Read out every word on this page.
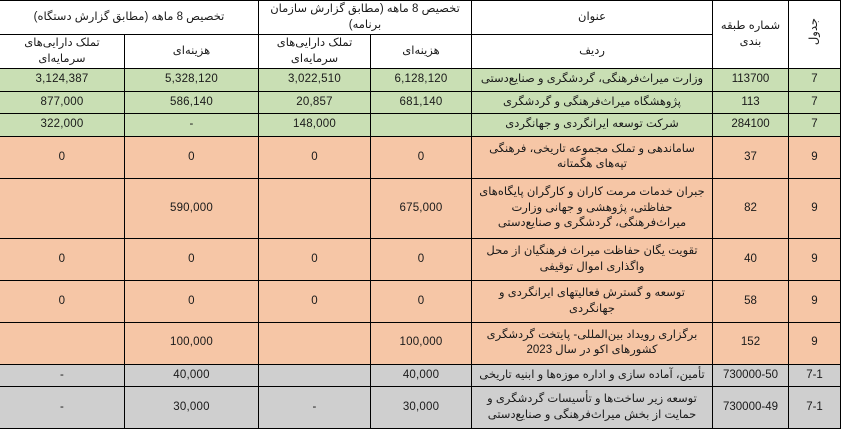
جدول	شماره طبقه بندی	عنوان	تخصیص 8 ماهه (مطابق گزارش سازمان برنامه)		تخصیص 8 ماهه (مطابق گزارش دستگاه)	
		ردیف	هزینه‌ای	تملک دارایی‌های سرمایه‌ای	هزینه‌ای	تملک دارایی‌های سرمایه‌ای
7	113700	وزارت میراث‌فرهنگی، گردشگری و صنایع‌دستی	6,128,120	3,022,510	5,328,120	3,124,387
7	113	پژوهشگاه میراث‌فرهنگی و گردشگری	681,140	20,857	586,140	877,000
7	284100	شرکت توسعه ایرانگردی و جهانگردی		148,000	-	322,000
9	37	ساماندهی و تملک مجموعه تاریخی، فرهنگی تپه‌های هگمتانه	0	0	0	0
9	82	جبران خدمات مرمت کاران و کارگران پایگاه‌های حفاظتی، پژوهشی و جهانی وزارت میراث‌فرهنگی، گردشگری و صنایع‌دستی	675,000		590,000	
9	40	تقویت یگان حفاظت میراث فرهنگیان از محل واگذاری اموال توقیفی	0	0	0	0
9	58	توسعه و گسترش فعالیتهای ایرانگردی و جهانگردی	0	0	0	0
9	152	برگزاری رویداد بین‌المللی- پایتخت گردشگری کشورهای اکو در سال 2023	100,000		100,000	
7-1	730000-50	تأمین، آماده سازی و اداره موزه‌ها و ابنیه تاریخی	40,000		40,000	-
7-1	730000-49	توسعه زیر ساخت‌ها و تأسیسات گردشگری و حمایت از بخش میراث‌فرهنگی و صنایع‌دستی	30,000	-	30,000	-
